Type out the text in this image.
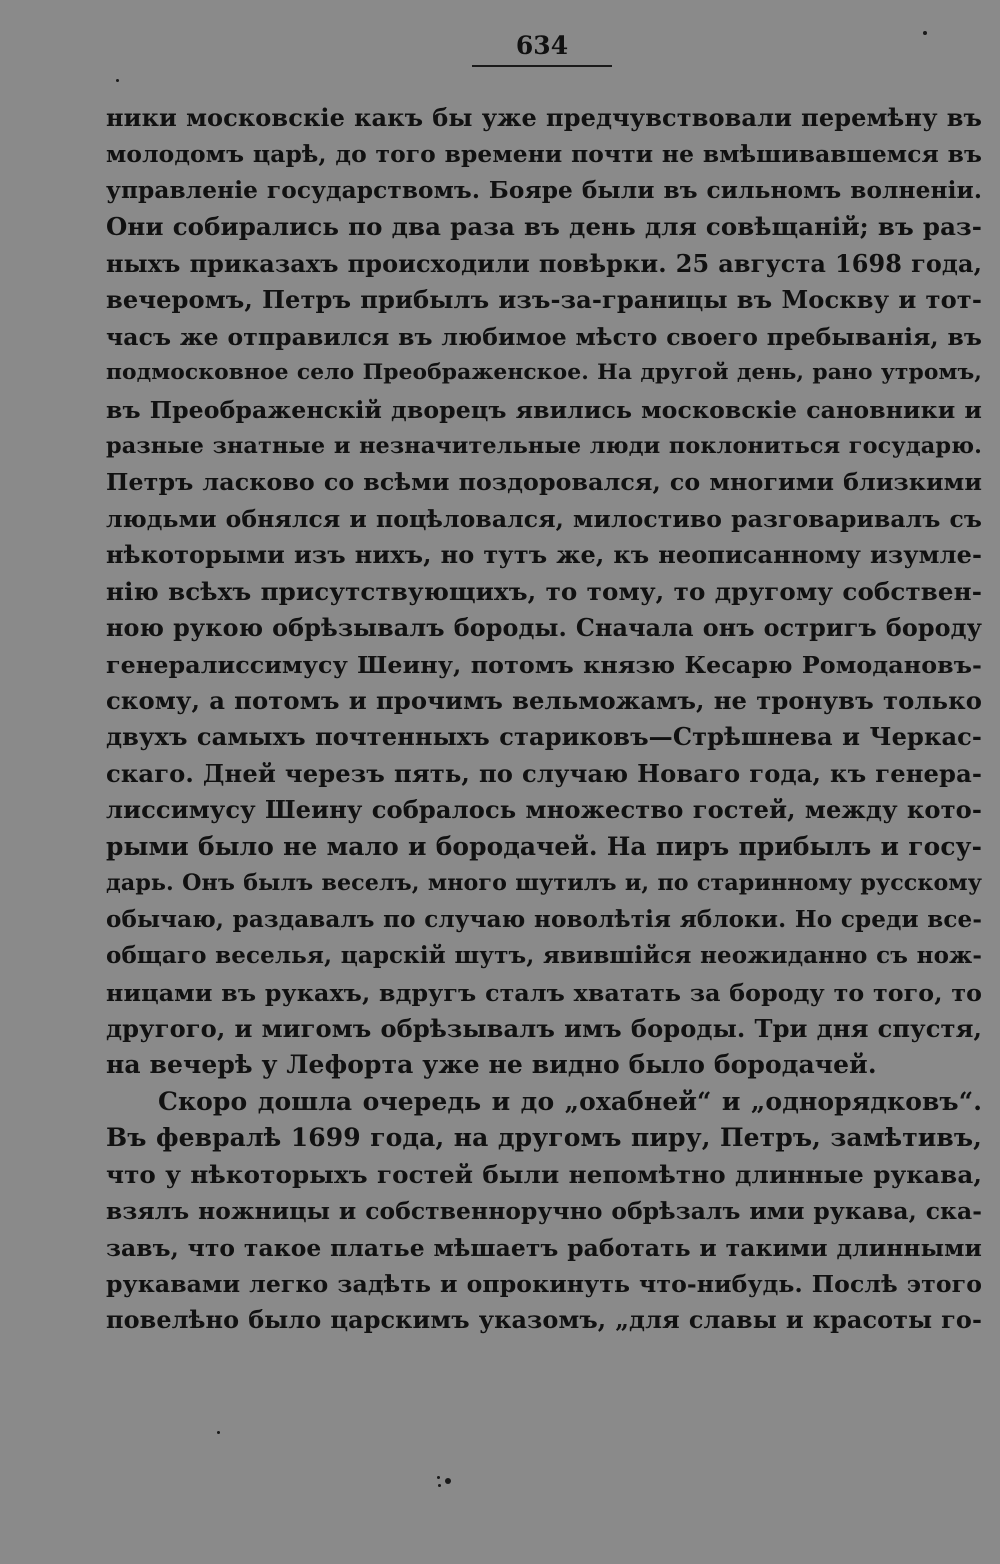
634
ники московскіе какъ бы уже предчувствовали перемѣну въ
молодомъ царѣ, до того времени почти не вмѣшивавшемся въ
управленіе государствомъ. Бояре были въ сильномъ волненіи.
Они собирались по два раза въ день для совѣщаній; въ раз-
ныхъ приказахъ происходили повѣрки. 25 августа 1698 года,
вечеромъ, Петръ прибылъ изъ-за-границы въ Москву и тот-
часъ же отправился въ любимое мѣсто своего пребыванія, въ
подмосковное село Преображенское. На другой день, рано утромъ,
въ Преображенскій дворецъ явились московскіе сановники и
разные знатные и незначительные люди поклониться государю.
Петръ ласково со всѣми поздоровался, со многими близкими
людьми обнялся и поцѣловался, милостиво разговаривалъ съ
нѣкоторыми изъ нихъ, но тутъ же, къ неописанному изумле-
нію всѣхъ присутствующихъ, то тому, то другому собствен-
ною рукою обрѣзывалъ бороды. Сначала онъ остригъ бороду
генералиссимусу Шеину, потомъ князю Кесарю Ромодановъ-
скому, а потомъ и прочимъ вельможамъ, не тронувъ только
двухъ самыхъ почтенныхъ стариковъ—Стрѣшнева и Черкас-
скаго. Дней черезъ пять, по случаю Новаго года, къ генера-
лиссимусу Шеину собралось множество гостей, между кото-
рыми было не мало и бородачей. На пиръ прибылъ и госу-
дарь. Онъ былъ веселъ, много шутилъ и, по старинному русскому
обычаю, раздавалъ по случаю новолѣтія яблоки. Но среди все-
общаго веселья, царскій шутъ, явившійся неожиданно съ нож-
ницами въ рукахъ, вдругъ сталъ хватать за бороду то того, то
другого, и мигомъ обрѣзывалъ имъ бороды. Три дня спустя,
на вечерѣ у Лефорта уже не видно было бородачей.
Скоро дошла очередь и до „охабней“ и „однорядковъ“.
Въ февралѣ 1699 года, на другомъ пиру, Петръ, замѣтивъ,
что у нѣкоторыхъ гостей были непомѣтно длинные рукава,
взялъ ножницы и собственноручно обрѣзалъ ими рукава, ска-
завъ, что такое платье мѣшаетъ работать и такими длинными
рукавами легко задѣть и опрокинуть что-нибудь. Послѣ этого
повелѣно было царскимъ указомъ, „для славы и красоты го-
